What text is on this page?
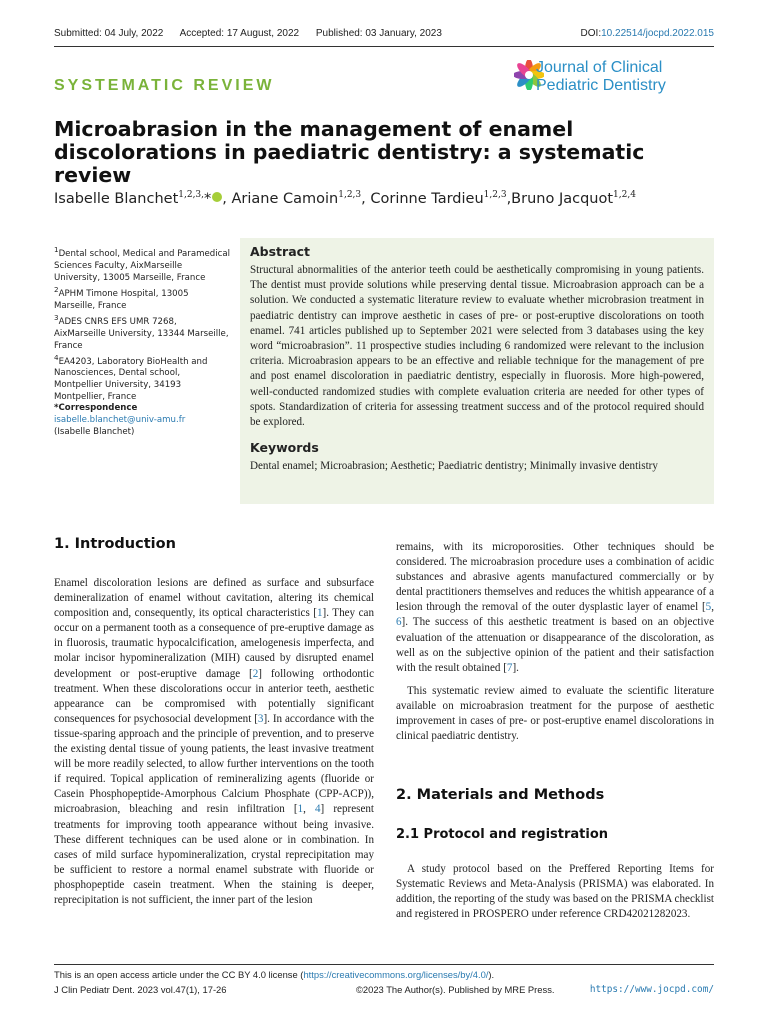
Submitted: 04 July, 2022 Accepted: 17 August, 2022 Published: 03 January, 2023	DOI:10.22514/jocpd.2022.015
SYSTEMATIC REVIEW
Journal of Clinical
Pediatric Dentistry
Microabrasion in the management of enamel discolorations in paediatric dentistry: a systematic review
Isabelle Blanchet$^{1,2,3,}$* , Ariane Camoin$^{1,2,3}$, Corinne Tardieu$^{1,2,3}$,Bruno Jacquot$^{1,2,4}$

$^1$Dental school, Medical and Paramedical Sciences Faculty, AixMarseille University, 13005 Marseille, France

$^2$APHM Timone Hospital, 13005 Marseille, France

$^3$ADES CNRS EFS UMR 7268, AixMarseille University, 13344 Marseille, France

$^4$EA4203, Laboratory BioHealth and Nanosciences, Dental school, Montpellier University, 34193 Montpellier, France

*Correspondence
isabelle.blanchet@univ-amu.fr
(Isabelle Blanchet)
Abstract

Structural abnormalities of the anterior teeth could be aesthetically compromising in young patients. The dentist must provide solutions while preserving dental tissue. Microabrasion approach can be a solution. We conducted a systematic literature review to evaluate whether microbrasion treatment in paediatric dentistry can improve aesthetic in cases of pre- or post-eruptive discolorations on tooth enamel. 741 articles published up to September 2021 were selected from 3 databases using the key word “microabrasion”. 11 prospective studies including 6 randomized were relevant to the inclusion criteria. Microabrasion appears to be an effective and reliable technique for the management of pre and post enamel discoloration in paediatric dentistry, especially in fluorosis. More high-powered, well-conducted randomized studies with complete evaluation criteria are needed for other types of spots. Standardization of criteria for assessing treatment success and of the protocol required should be explored.

Keywords

Dental enamel; Microabrasion; Aesthetic; Paediatric dentistry; Minimally invasive dentistry

1. Introduction

Enamel discoloration lesions are defined as surface and subsurface demineralization of enamel without cavitation, altering its chemical composition and, consequently, its optical characteristics [1]. They can occur on a permanent tooth as a consequence of pre-eruptive damage as in fluorosis, traumatic hypocalcification, amelogenesis imperfecta, and molar incisor hypomineralization (MIH) caused by disrupted enamel development or post-eruptive damage [2] following orthodontic treatment. When these discolorations occur in anterior teeth, aesthetic appearance can be compromised with potentially significant consequences for psychosocial development [3]. In accordance with the tissue-sparing approach and the principle of prevention, and to preserve the existing dental tissue of young patients, the least invasive treatment will be more readily selected, to allow further interventions on the tooth if required. Topical application of remineralizing agents (fluoride or Casein Phosphopeptide-Amorphous Calcium Phosphate (CPP-ACP)), microabrasion, bleaching and resin infiltration [1, 4] represent treatments for improving tooth appearance without being invasive. These different techniques can be used alone or in combination. In cases of mild surface hypomineralization, crystal reprecipitation may be sufficient to restore a normal enamel substrate with fluoride or phosphopeptide casein treatment. When the staining is deeper, reprecipitation is not sufficient, the inner part of the lesion

remains, with its microporosities. Other techniques should be considered. The microabrasion procedure uses a combination of acidic substances and abrasive agents manufactured commercially or by dental practitioners themselves and reduces the whitish appearance of a lesion through the removal of the outer dysplastic layer of enamel [5, 6]. The success of this aesthetic treatment is based on an objective evaluation of the attenuation or disappearance of the discoloration, as well as on the subjective opinion of the patient and their satisfaction with the result obtained [7].

This systematic review aimed to evaluate the scientific literature available on microabrasion treatment for the purpose of aesthetic improvement in cases of pre- or post-eruptive enamel discolorations in clinical paediatric dentistry.

2. Materials and Methods
2.1 Protocol and registration

A study protocol based on the Preffered Reporting Items for Systematic Reviews and Meta-Analysis (PRISMA) was elaborated. In addition, the reporting of the study was based on the PRISMA checklist and registered in PROSPERO under reference CRD42021282023.

This is an open access article under the CC BY 4.0 license (https://creativecommons.org/licenses/by/4.0/).
J Clin Pediatr Dent. 2023 vol.47(1), 17-26	©2023 The Author(s). Published by MRE Press.	https://www.jocpd.com/
